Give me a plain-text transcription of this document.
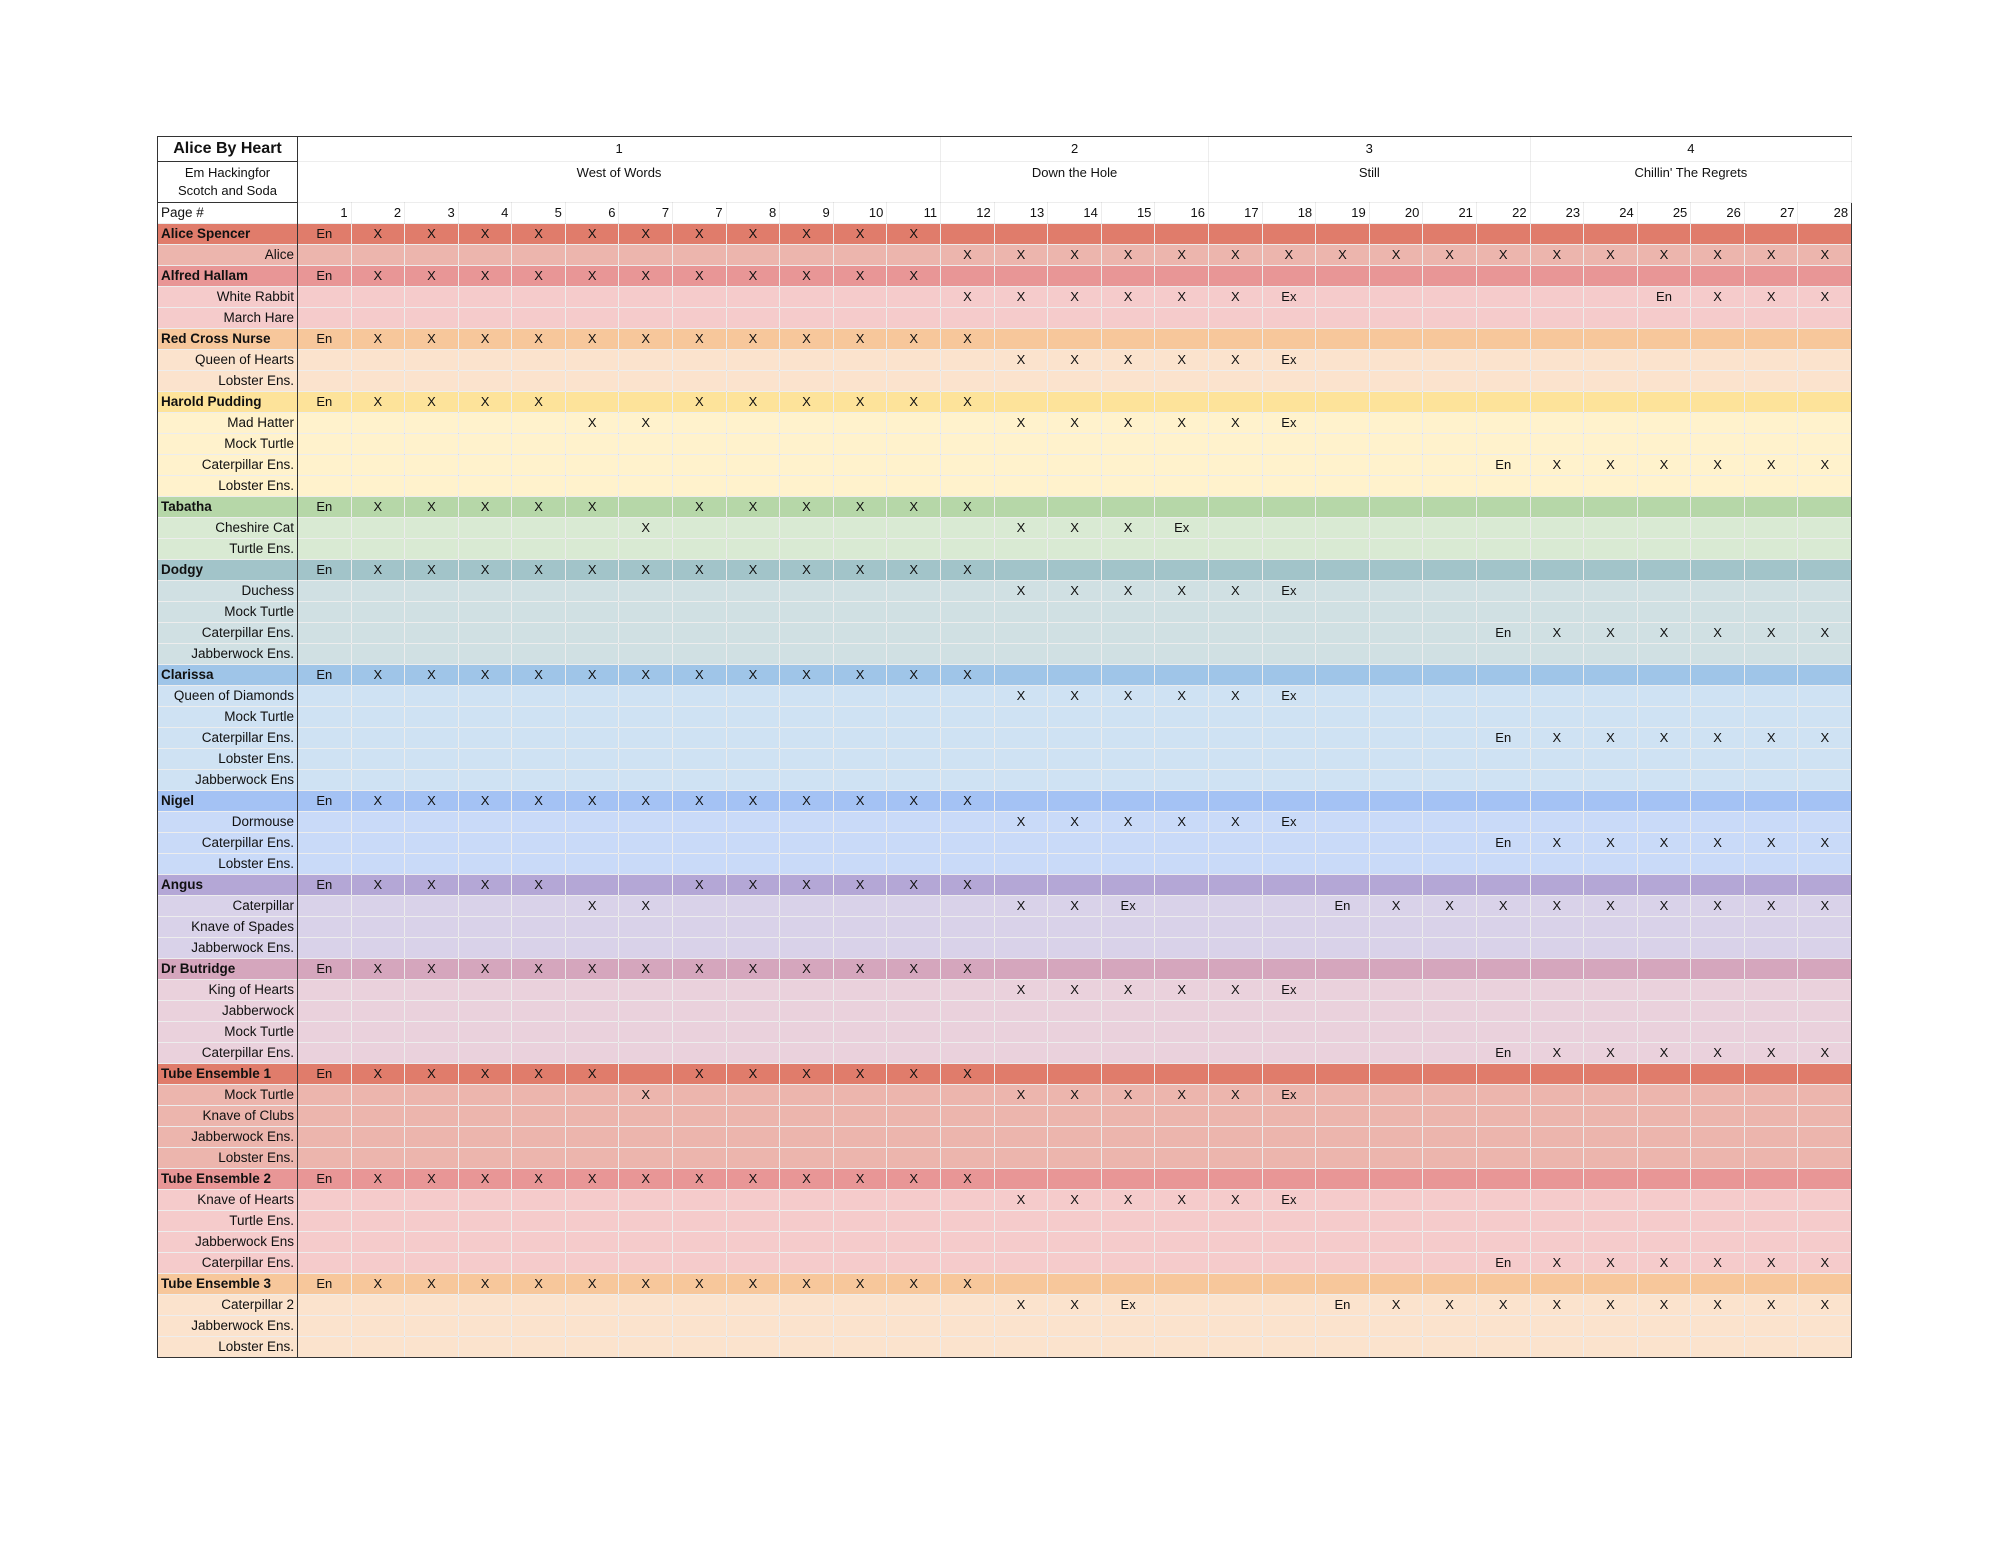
Alice By Heart	1												2					3						4					

Em Hackingfor
Scotch and Soda	West of Words												Down the Hole					Still						Chillin' The Regrets					
Page #	1	2	3	4	5	6	7	7	8	9	10	11	12	13	14	15	16	17	18	19	20	21	22	23	24	25	26	27	28
Alice Spencer	En	X	X	X	X	X	X	X	X	X	X	X																	
Alice													X	X	X	X	X	X	X	X	X	X	X	X	X	X	X	X	X
Alfred Hallam	En	X	X	X	X	X	X	X	X	X	X	X																	
White Rabbit													X	X	X	X	X	X	Ex							En	X	X	X
March Hare																													
Red Cross Nurse	En	X	X	X	X	X	X	X	X	X	X	X	X																
Queen of Hearts														X	X	X	X	X	Ex										
Lobster Ens.																													
Harold Pudding	En	X	X	X	X			X	X	X	X	X	X																
Mad Hatter						X	X							X	X	X	X	X	Ex										
Mock Turtle																													
Caterpillar Ens.																							En	X	X	X	X	X	X
Lobster Ens.																													
Tabatha	En	X	X	X	X	X		X	X	X	X	X	X																
Cheshire Cat							X							X	X	X	Ex												
Turtle Ens.																													
Dodgy	En	X	X	X	X	X	X	X	X	X	X	X	X																
Duchess														X	X	X	X	X	Ex										
Mock Turtle																													
Caterpillar Ens.																							En	X	X	X	X	X	X
Jabberwock Ens.																													
Clarissa	En	X	X	X	X	X	X	X	X	X	X	X	X																
Queen of Diamonds														X	X	X	X	X	Ex										
Mock Turtle																													
Caterpillar Ens.																							En	X	X	X	X	X	X
Lobster Ens.																													
Jabberwock Ens																													
Nigel	En	X	X	X	X	X	X	X	X	X	X	X	X																
Dormouse														X	X	X	X	X	Ex										
Caterpillar Ens.																							En	X	X	X	X	X	X
Lobster Ens.																													
Angus	En	X	X	X	X			X	X	X	X	X	X																
Caterpillar						X	X							X	X	Ex				En	X	X	X	X	X	X	X	X	X
Knave of Spades																													
Jabberwock Ens.																													
Dr Butridge	En	X	X	X	X	X	X	X	X	X	X	X	X																
King of Hearts														X	X	X	X	X	Ex										
Jabberwock																													
Mock Turtle																													
Caterpillar Ens.																							En	X	X	X	X	X	X
Tube Ensemble 1	En	X	X	X	X	X		X	X	X	X	X	X																
Mock Turtle							X							X	X	X	X	X	Ex										
Knave of Clubs																													
Jabberwock Ens.																													
Lobster Ens.																													
Tube Ensemble 2	En	X	X	X	X	X	X	X	X	X	X	X	X																
Knave of Hearts														X	X	X	X	X	Ex										
Turtle Ens.																													
Jabberwock Ens																													
Caterpillar Ens.																							En	X	X	X	X	X	X
Tube Ensemble 3	En	X	X	X	X	X	X	X	X	X	X	X	X																
Caterpillar 2														X	X	Ex				En	X	X	X	X	X	X	X	X	X
Jabberwock Ens.																													
Lobster Ens.																													
